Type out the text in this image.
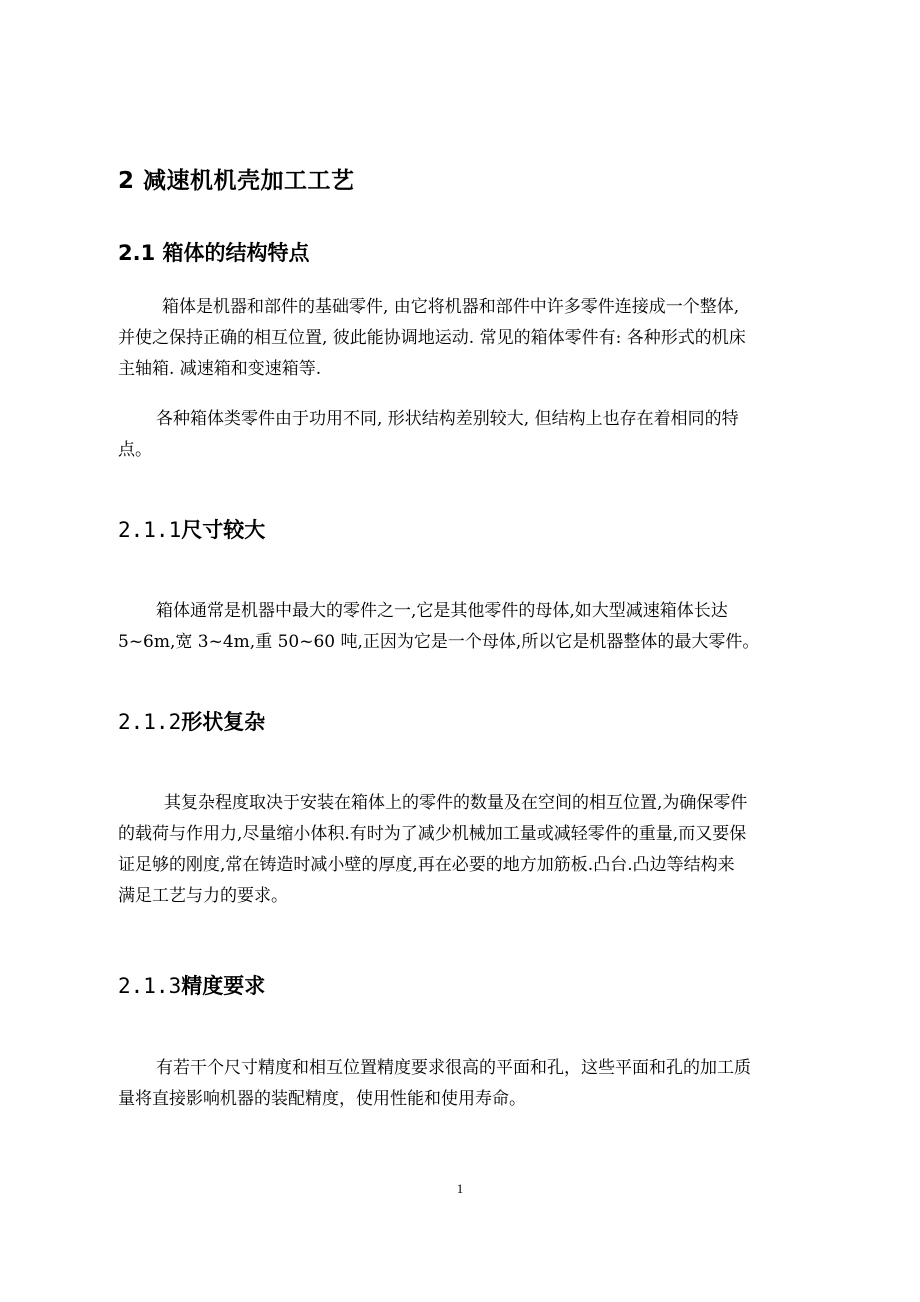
2 减速机机壳加工工艺
2.1 箱体的结构特点
箱体是机器和部件的基础零件, 由它将机器和部件中许多零件连接成一个整体,
并使之保持正确的相互位置, 彼此能协调地运动. 常见的箱体零件有: 各种形式的机床
主轴箱. 减速箱和变速箱等.
各种箱体类零件由于功用不同, 形状结构差别较大, 但结构上也存在着相同的特
点。
2.1.1尺寸较大
箱体通常是机器中最大的零件之一,它是其他零件的母体,如大型减速箱体长达
5~6m,宽 3~4m,重 50~60 吨,正因为它是一个母体,所以它是机器整体的最大零件。
2.1.2形状复杂
其复杂程度取决于安装在箱体上的零件的数量及在空间的相互位置,为确保零件
的载荷与作用力,尽量缩小体积.有时为了减少机械加工量或减轻零件的重量,而又要保
证足够的刚度,常在铸造时减小壁的厚度,再在必要的地方加筋板.凸台.凸边等结构来
满足工艺与力的要求。
2.1.3精度要求
有若干个尺寸精度和相互位置精度要求很高的平面和孔，这些平面和孔的加工质
量将直接影响机器的装配精度，使用性能和使用寿命。
1
